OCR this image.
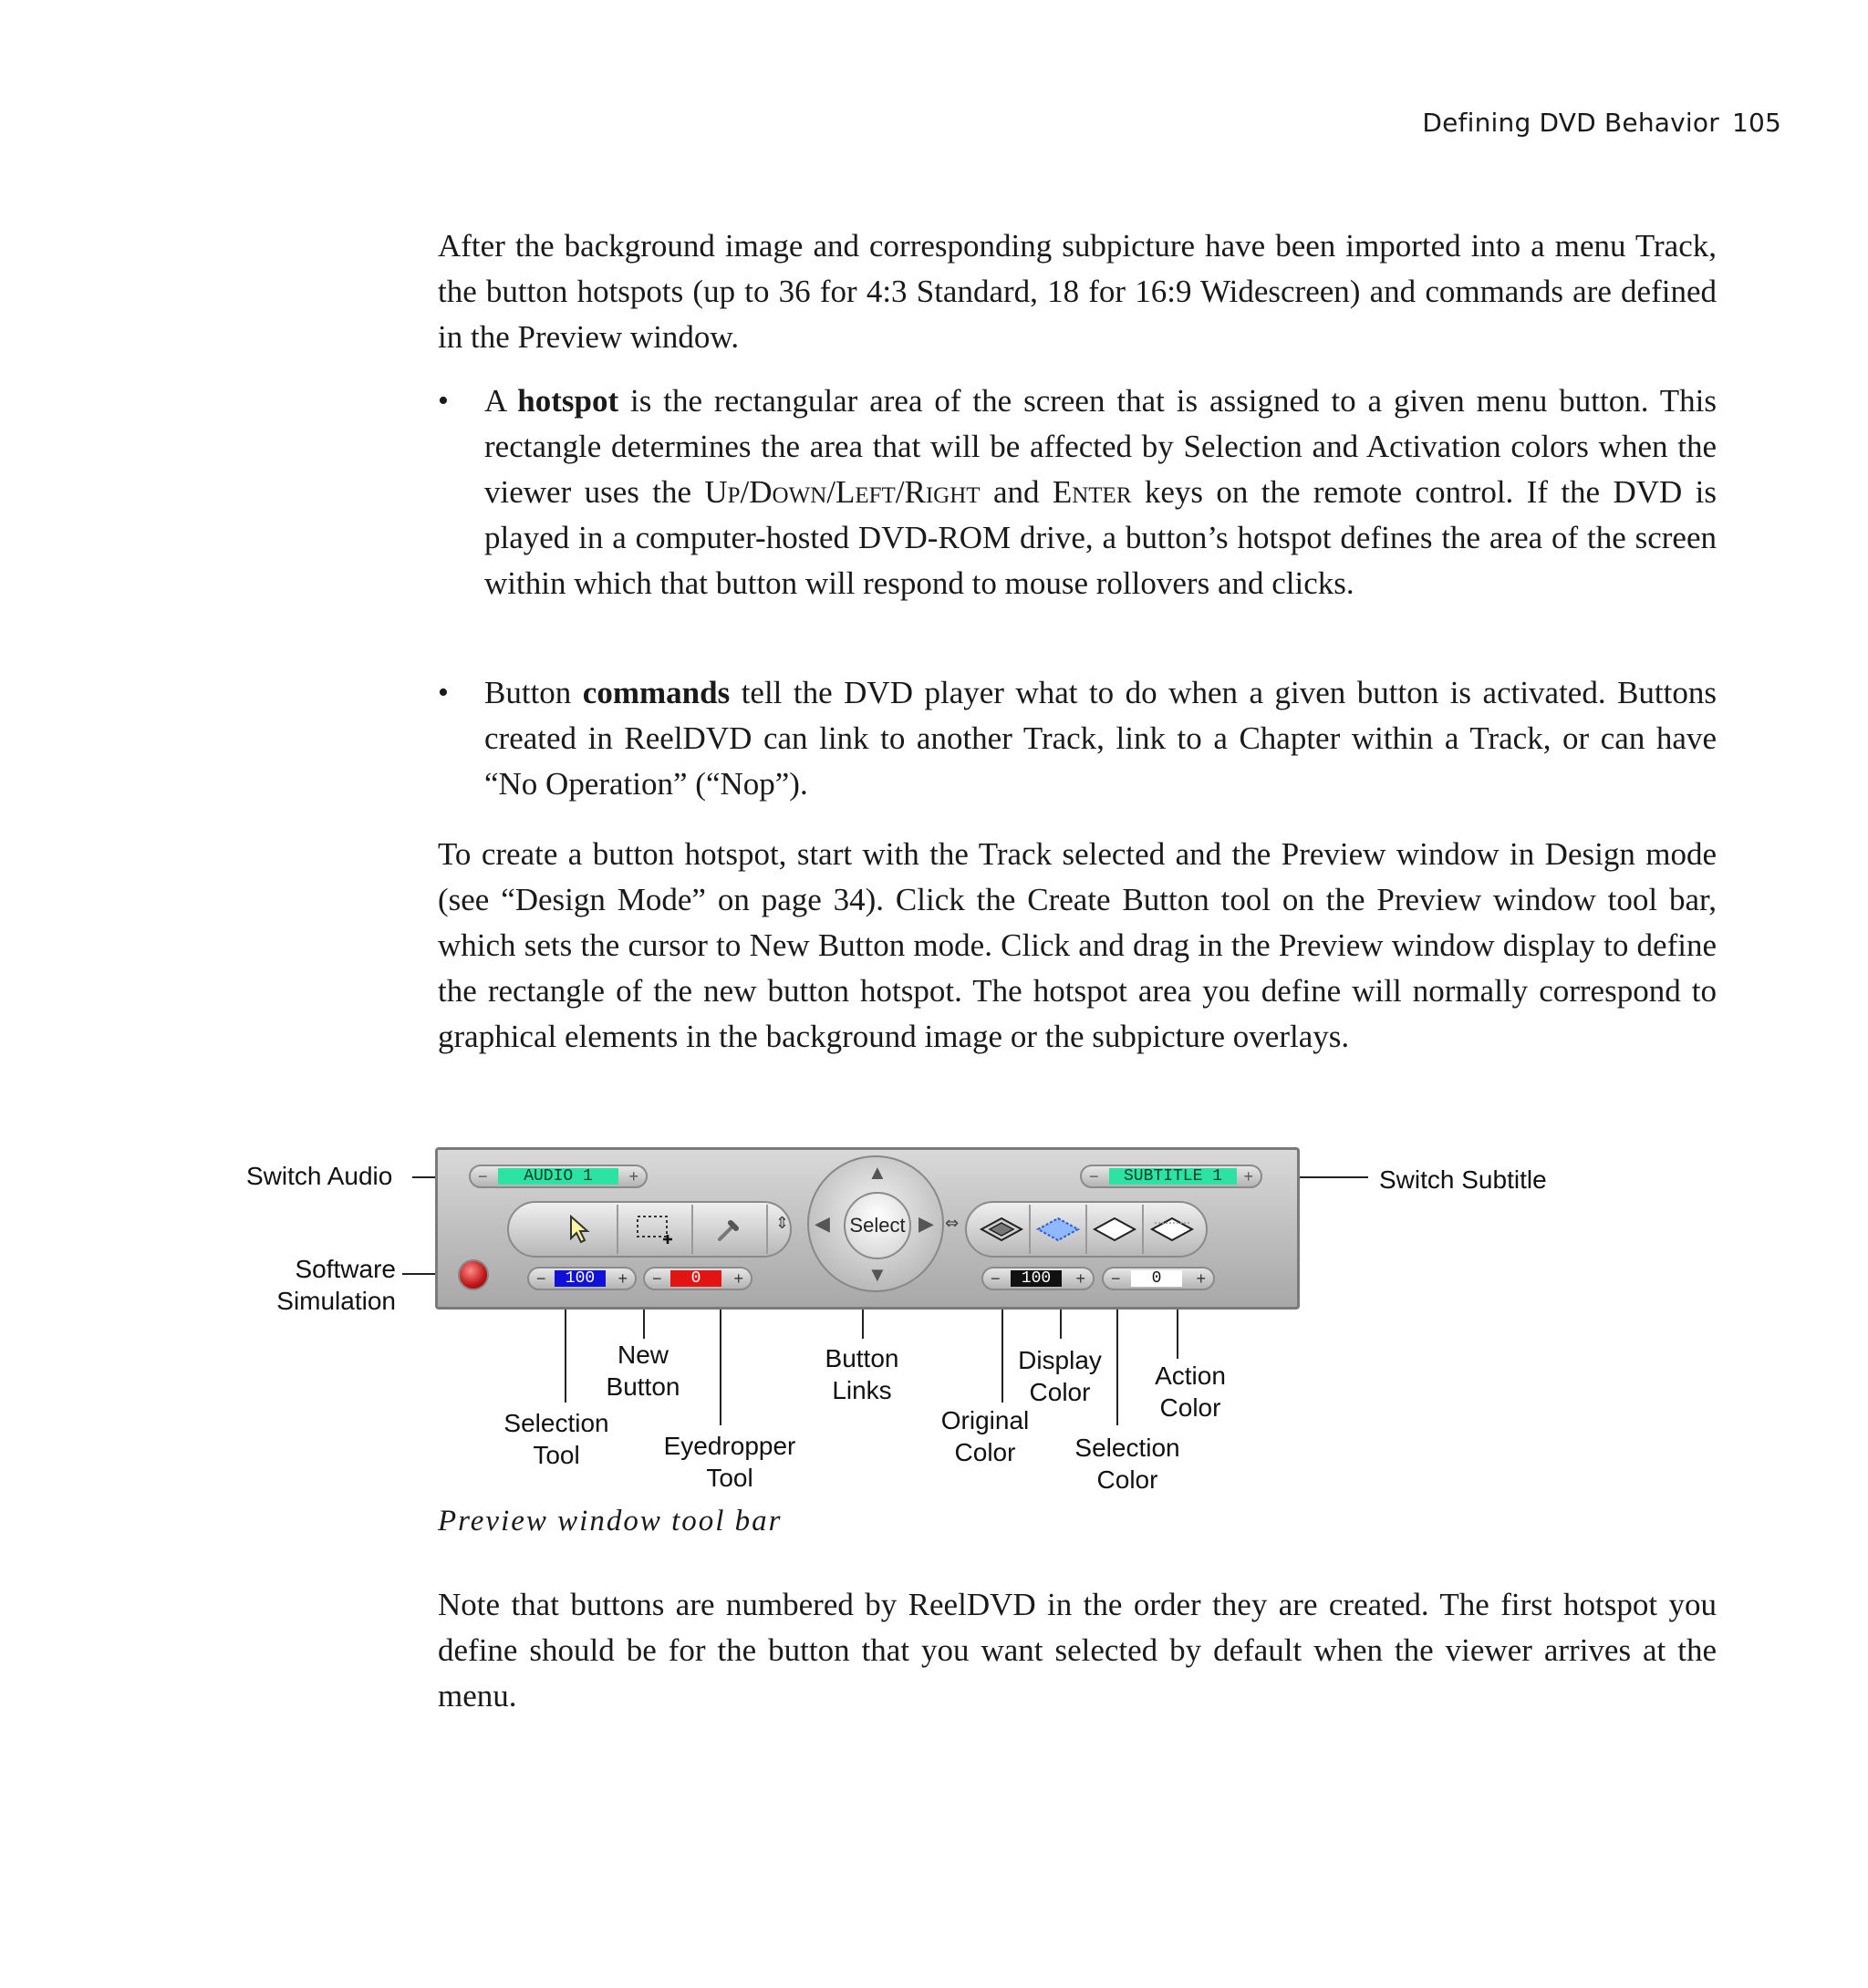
Defining DVD Behavior 105
After the background image and corresponding subpicture have been imported into a menu Track, the button hotspots (up to 36 for 4:3 Standard, 18 for 16:9 Widescreen) and commands are defined in the Preview window.
• A hotspot is the rectangular area of the screen that is assigned to a given menu button. This rectangle determines the area that will be affected by Selection and Activation colors when the viewer uses the Up/Down/Left/Right and Enter keys on the remote control. If the DVD is played in a computer-hosted DVD-ROM drive, a button’s hotspot defines the area of the screen within which that button will respond to mouse rollovers and clicks.
• Button commands tell the DVD player what to do when a given button is activated. Buttons created in ReelDVD can link to another Track, link to a Chapter within a Track, or can have “No Operation” (“Nop”).
To create a button hotspot, start with the Track selected and the Preview window in Design mode (see “Design Mode” on page 34). Click the Create Button tool on the Preview window tool bar, which sets the cursor to New Button mode. Click and drag in the Preview window display to define the rectangle of the new button hotspot. The hotspot area you define will normally correspond to graphical elements in the background image or the subpicture overlays.
−	AUDIO 1	+	−	SUBTITLE 1	+
⇕
▲
▼
◀	▶
Select ⇔
−	100	+ −	0	+	−	100	+ −	0	+
Switch Audio
Software
Simulation
Switch Subtitle
New
Button
Selection
Tool	Eyedropper
Tool
Button
Links
Original
Color
Display
Color
Selection
Color
Action
Color
Preview window tool bar
Note that buttons are numbered by ReelDVD in the order they are created. The first hotspot you define should be for the button that you want selected by default when the viewer arrives at the menu.
